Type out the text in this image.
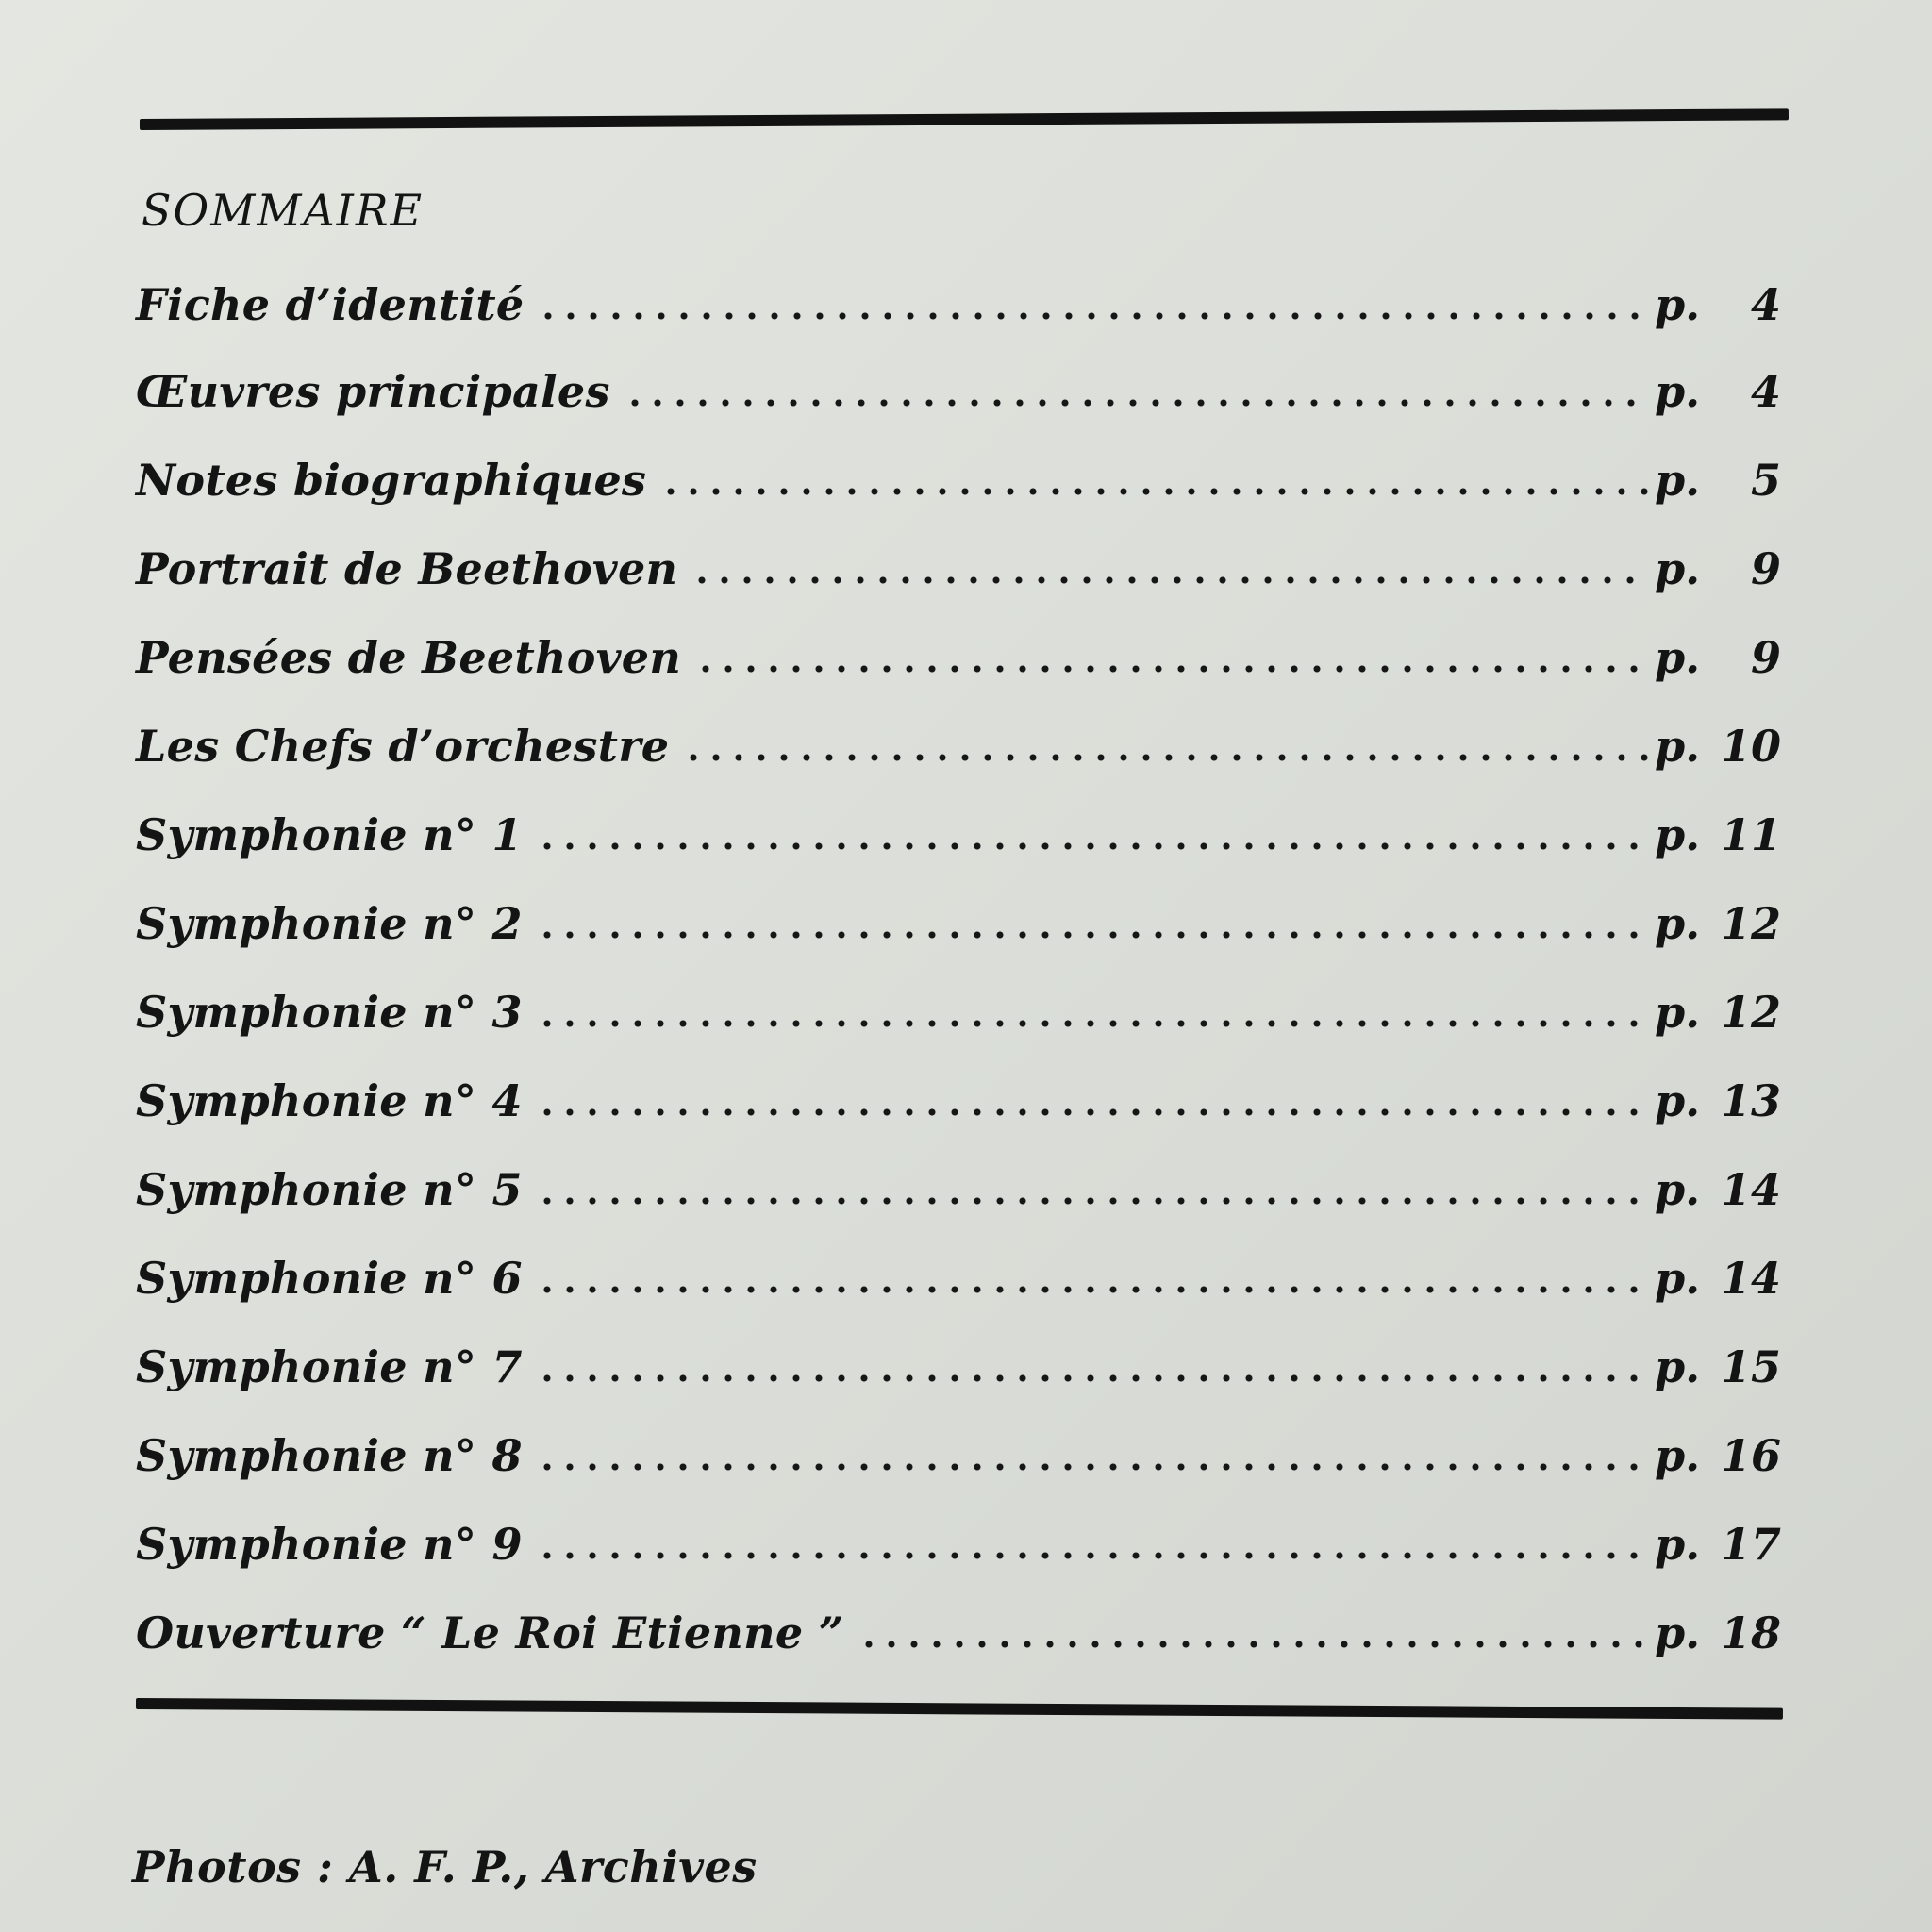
SOMMAIRE
Fiche d’identité	p. 4
Œuvres principales	p. 4
Notes biographiques	p. 5
Portrait de Beethoven	p. 9
Pensées de Beethoven	p. 9
Les Chefs d’orchestre	p. 10
Symphonie n° 1	p. 11
Symphonie n° 2	p. 12
Symphonie n° 3	p. 12
Symphonie n° 4	p. 13
Symphonie n° 5	p. 14
Symphonie n° 6	p. 14
Symphonie n° 7	p. 15
Symphonie n° 8	p. 16
Symphonie n° 9	p. 17
Ouverture “ Le Roi Etienne ”	p. 18

Photos : A. F. P., Archives
